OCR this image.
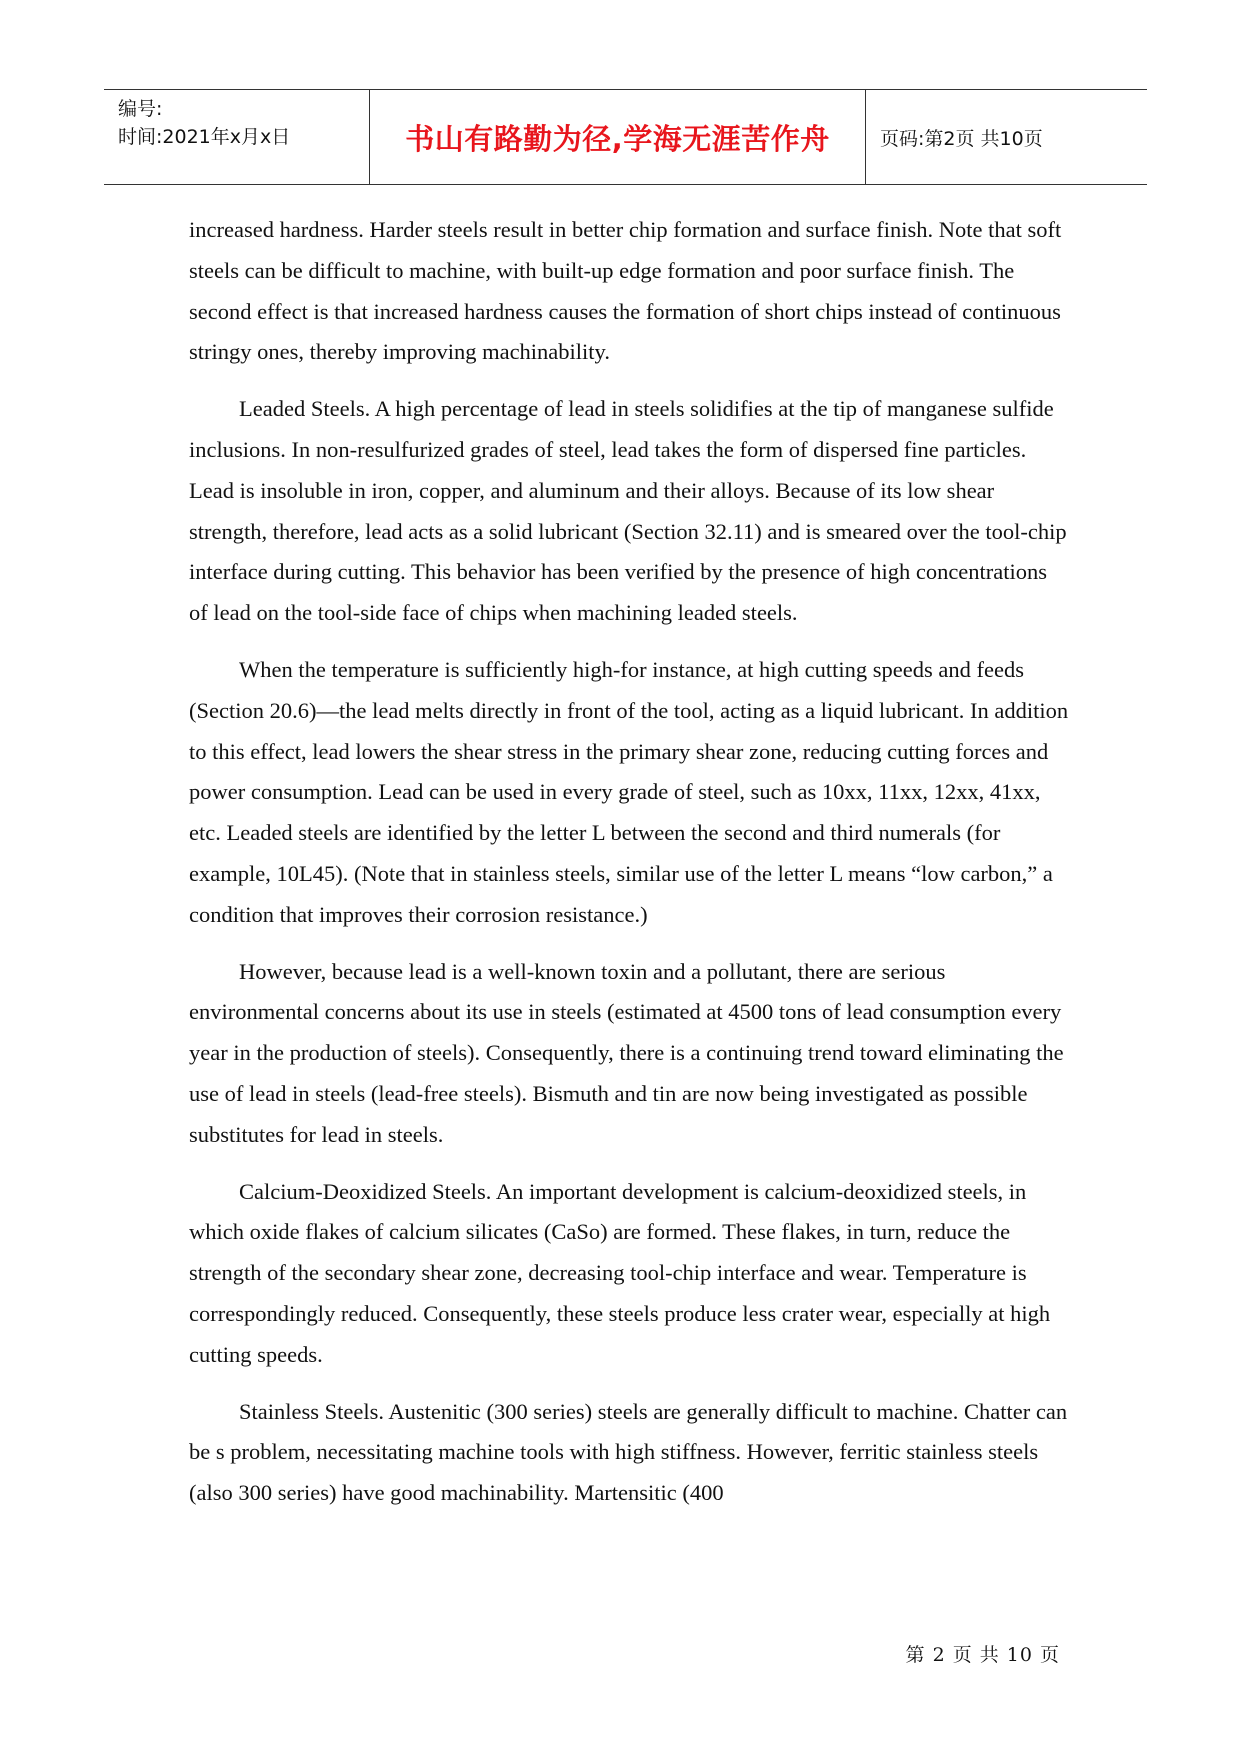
编号:
时间:2021年x月x日	书山有路勤为径,学海无涯苦作舟	页码:第2页 共10页

increased hardness. Harder steels result in better chip formation and surface finish. Note that soft steels can be difficult to machine, with built-up edge formation and poor surface finish. The second effect is that increased hardness causes the formation of short chips instead of continuous stringy ones, thereby improving machinability.

Leaded Steels. A high percentage of lead in steels solidifies at the tip of manganese sulfide inclusions. In non-resulfurized grades of steel, lead takes the form of dispersed fine particles. Lead is insoluble in iron, copper, and aluminum and their alloys. Because of its low shear strength, therefore, lead acts as a solid lubricant (Section 32.11) and is smeared over the tool-chip interface during cutting. This behavior has been verified by the presence of high concentrations of lead on the tool-side face of chips when machining leaded steels.

When the temperature is sufficiently high-for instance, at high cutting speeds and feeds (Section 20.6)—the lead melts directly in front of the tool, acting as a liquid lubricant. In addition to this effect, lead lowers the shear stress in the primary shear zone, reducing cutting forces and power consumption. Lead can be used in every grade of steel, such as 10xx, 11xx, 12xx, 41xx, etc. Leaded steels are identified by the letter L between the second and third numerals (for example, 10L45). (Note that in stainless steels, similar use of the letter L means “low carbon,” a condition that improves their corrosion resistance.)

However, because lead is a well-known toxin and a pollutant, there are serious environmental concerns about its use in steels (estimated at 4500 tons of lead consumption every year in the production of steels). Consequently, there is a continuing trend toward eliminating the use of lead in steels (lead-free steels). Bismuth and tin are now being investigated as possible substitutes for lead in steels.

Calcium-Deoxidized Steels. An important development is calcium-deoxidized steels, in which oxide flakes of calcium silicates (CaSo) are formed. These flakes, in turn, reduce the strength of the secondary shear zone, decreasing tool-chip interface and wear. Temperature is correspondingly reduced. Consequently, these steels produce less crater wear, especially at high cutting speeds.

Stainless Steels. Austenitic (300 series) steels are generally difficult to machine. Chatter can be s problem, necessitating machine tools with high stiffness. However, ferritic stainless steels (also 300 series) have good machinability. Martensitic (400

第 2 页 共 10 页
